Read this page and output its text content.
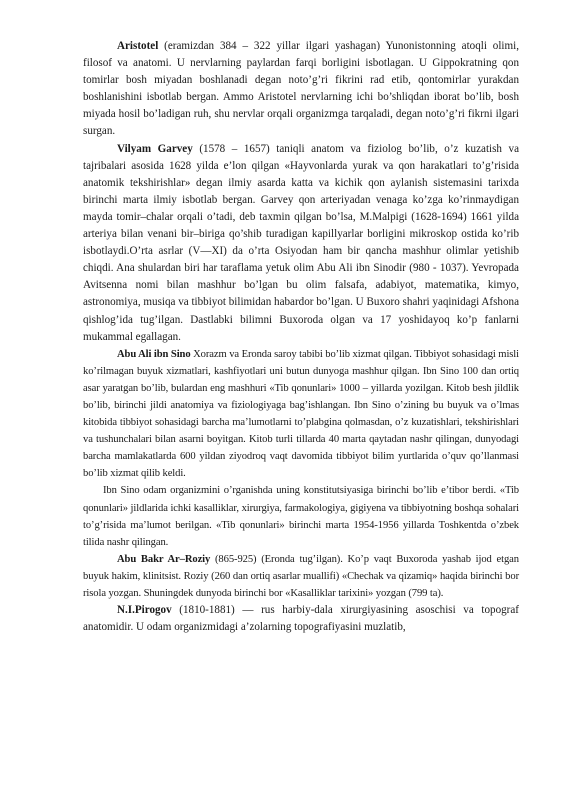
Aristotel (eramizdan 384 – 322 yillar ilgari yashagan) Yunonistonning atoqli olimi, filosof va anatomi. U nervlarning paylardan farqi borligini isbotlagan. U Gippokratning qon tomirlar bosh miyadan boshlanadi degan noto’g’ri fikrini rad etib, qontomirlar yurakdan boshlanishini isbotlab bergan. Ammo Aristotel nervlarning ichi bo’shliqdan iborat bo’lib, bosh miyada hosil bo’ladigan ruh, shu nervlar orqali organizmga tarqaladi, degan noto’g’ri fikrni ilgari surgan.

Vilyam Garvey (1578 – 1657) taniqli anatom va fiziolog bo’lib, o’z kuzatish va tajribalari asosida 1628 yilda e’lon qilgan «Hayvonlarda yurak va qon harakatlari to’g’risida anatomik tekshirishlar» degan ilmiy asarda katta va kichik qon aylanish sistemasini tarixda birinchi marta ilmiy isbotlab bergan. Garvey qon arteriyadan venaga ko’zga ko’rinmaydigan mayda tomir–chalar orqali o’tadi, deb taxmin qilgan bo’lsa, M.Malpigi (1628-1694) 1661 yilda arteriya bilan venani bir–biriga qo’shib turadigan kapillyarlar borligini mikroskop ostida ko’rib isbotlaydi.O’rta asrlar (V—XI) da o’rta Osiyodan ham bir qancha mashhur olimlar yetishib chiqdi. Ana shulardan biri har taraflama yetuk olim Abu Ali ibn Sinodir (980 - 1037). Yevropada Avitsenna nomi bilan mashhur bo’lgan bu olim falsafa, adabiyot, matematika, kimyo, astronomiya, musiqa va tibbiyot bilimidan habardor bo’lgan. U Buxoro shahri yaqinidagi Afshona qishlog’ida tug’ilgan. Dastlabki bilimni Buxoroda olgan va 17 yoshidayoq ko’p fanlarni mukammal egallagan.

Abu Ali ibn Sino Xorazm va Eronda saroy tabibi bo’lib xizmat qilgan. Tibbiyot sohasidagi misli ko’rilmagan buyuk xizmatlari, kashfiyotlari uni butun dunyoga mashhur qilgan. Ibn Sino 100 dan ortiq asar yaratgan bo’lib, bulardan eng mashhuri «Tib qonunlari» 1000 – yillarda yozilgan. Kitob besh jildlik bo’lib, birinchi jildi anatomiya va fiziologiyaga bag’ishlangan. Ibn Sino o’zining bu buyuk va o’lmas kitobida tibbiyot sohasidagi barcha ma’lumotlarni to’plabgina qolmasdan, o’z kuzatishlari, tekshirishlari va tushunchalari bilan asarni boyitgan. Kitob turli tillarda 40 marta qaytadan nashr qilingan, dunyodagi barcha mamlakatlarda 600 yildan ziyodroq vaqt davomida tibbiyot bilim yurtlarida o’quv qo’llanmasi bo’lib xizmat qilib keldi.

Ibn Sino odam organizmini o’rganishda uning konstitutsiyasiga birinchi bo’lib e’tibor berdi. «Tib qonunlari» jildlarida ichki kasalliklar, xirurgiya, farmakologiya, gigiyena va tibbiyotning boshqa sohalari to’g’risida ma’lumot berilgan. «Tib qonunlari» birinchi marta 1954-1956 yillarda Toshkentda o’zbek tilida nashr qilingan.

Abu Bakr Ar–Roziy (865-925) (Eronda tug’ilgan). Ko’p vaqt Buxoroda yashab ijod etgan buyuk hakim, klinitsist. Roziy (260 dan ortiq asarlar muallifi) «Chechak va qizamiq» haqida birinchi bor risola yozgan. Shuningdek dunyoda birinchi bor «Kasalliklar tarixini» yozgan (799 ta).

N.I.Pirogov (1810-1881) — rus harbiy-dala xirurgiyasining asoschisi va topograf anatomidir. U odam organizmidagi a’zolarning topografiyasini muzlatib,
